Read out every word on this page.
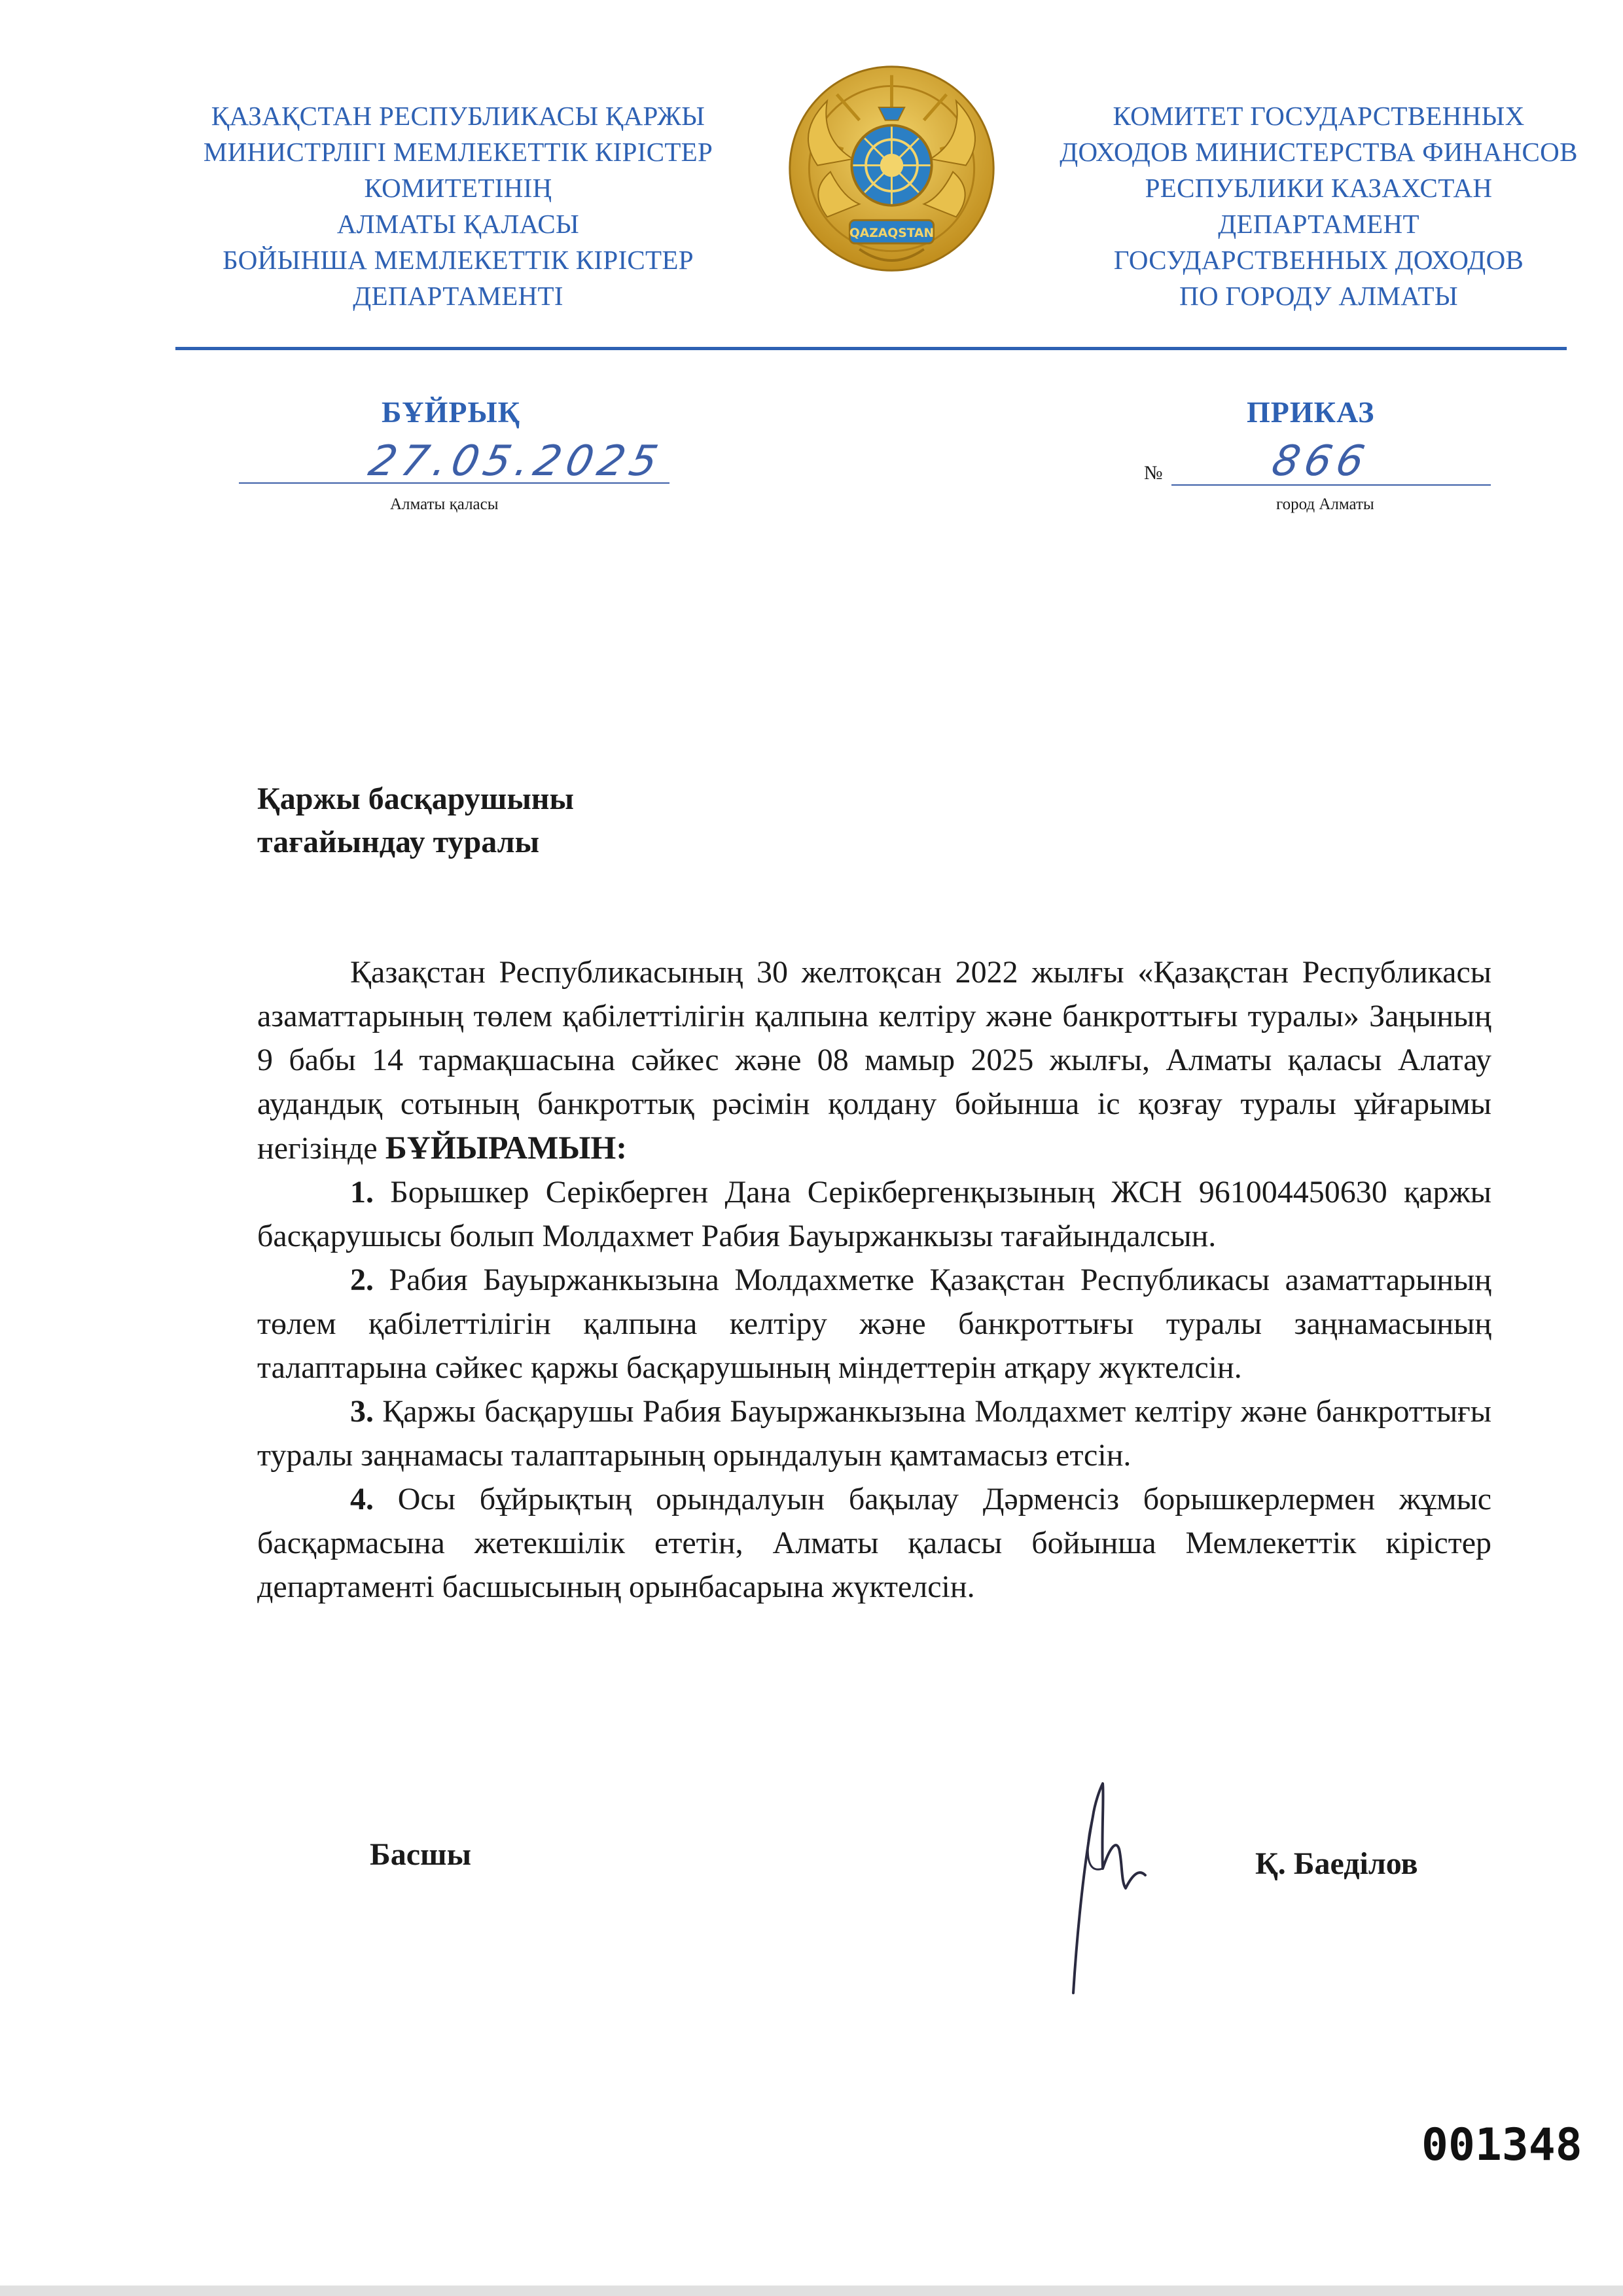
ҚАЗАҚСТАН РЕСПУБЛИКАСЫ ҚАРЖЫ
МИНИСТРЛІГІ МЕМЛЕКЕТТІК КІРІСТЕР
КОМИТЕТІНІҢ
АЛМАТЫ ҚАЛАСЫ
БОЙЫНША МЕМЛЕКЕТТІК КІРІСТЕР
ДЕПАРТАМЕНТІ
QAZAQSTAN
КОМИТЕТ ГОСУДАРСТВЕННЫХ
ДОХОДОВ МИНИСТЕРСТВА ФИНАНСОВ
РЕСПУБЛИКИ КАЗАХСТАН
ДЕПАРТАМЕНТ
ГОСУДАРСТВЕННЫХ ДОХОДОВ
ПО ГОРОДУ АЛМАТЫ
БҰЙРЫҚ	ПРИКАЗ
27.05.2025
Алматы қаласы
№	866
город Алматы
Қаржы басқарушыны
тағайындау туралы

Қазақстан Республикасының 30 желтоқсан 2022 жылғы «Қазақстан Республикасы азаматтарының төлем қабілеттілігін қалпына келтіру және банкроттығы туралы» Заңының 9 бабы 14 тармақшасына сәйкес және 08 мамыр 2025 жылғы, Алматы қаласы Алатау аудандық сотының банкроттық рәсімін қолдану бойынша іс қозғау туралы ұйғарымы негізінде БҰЙЫРАМЫН:

1. Борышкер Серікберген Дана Серікбергенқызының ЖСН 961004450630 қаржы басқарушысы болып Молдахмет Рабия Бауыржанкызы тағайындалсын.

2. Рабия Бауыржанкызына Молдахметке Қазақстан Республикасы азаматтарының төлем қабілеттілігін қалпына келтіру және банкроттығы туралы заңнамасының талаптарына сәйкес қаржы басқарушының міндеттерін атқару жүктелсін.

3. Қаржы басқарушы Рабия Бауыржанкызына Молдахмет келтіру және банкроттығы туралы заңнамасы талаптарының орындалуын қамтамасыз етсін.

4. Осы бұйрықтың орындалуын бақылау Дәрменсіз борышкерлермен жұмыс басқармасына жетекшілік ететін, Алматы қаласы бойынша Мемлекеттік кірістер департаменті басшысының орынбасарына жүктелсін.

Басшы	Қ. Баеділов
001348
